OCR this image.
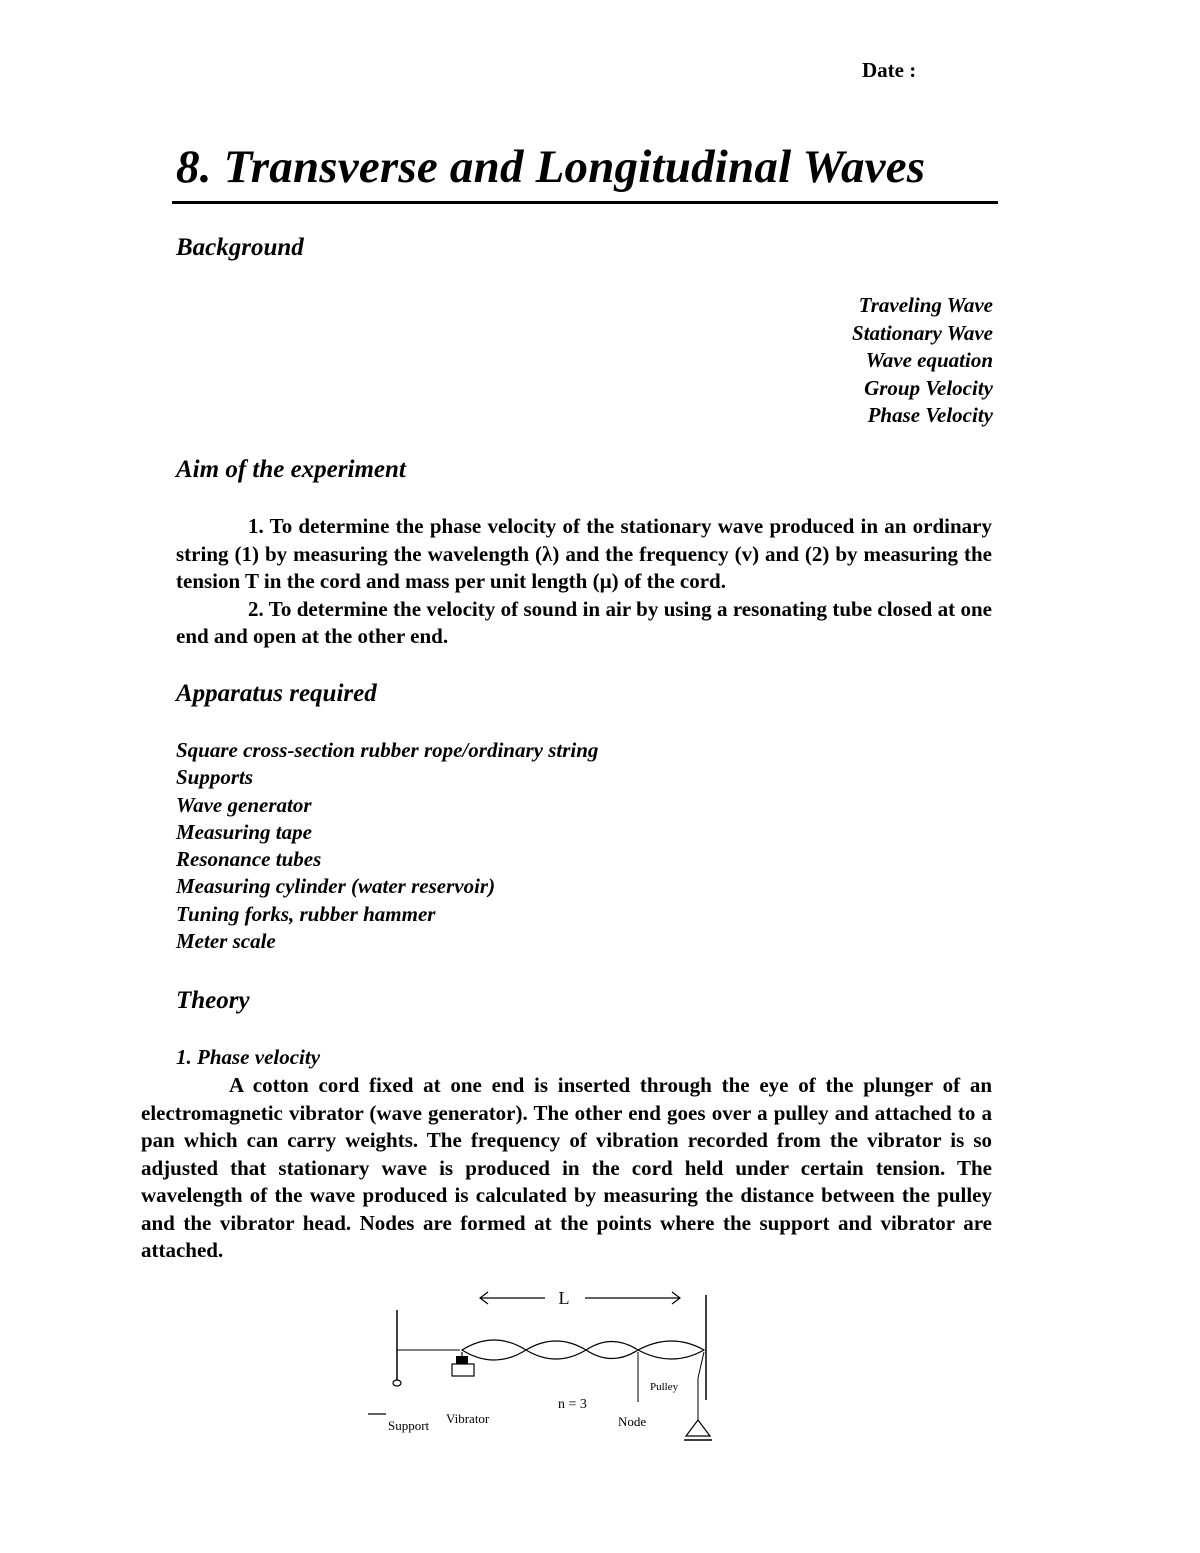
Date :
8. Transverse and Longitudinal Waves
Background
Traveling Wave
Stationary Wave
Wave equation
Group Velocity
Phase Velocity
Aim of the experiment

1. To determine the phase velocity of the stationary wave produced in an ordinary string (1) by measuring the wavelength (λ) and the frequency (v) and (2) by measuring the tension T in the cord and mass per unit length (µ) of the cord.

2. To determine the velocity of sound in air by using a resonating tube closed at one end and open at the other end.

Apparatus required
Square cross-section rubber rope/ordinary string
Supports
Wave generator
Measuring tape
Resonance tubes
Measuring cylinder (water reservoir)
Tuning forks, rubber hammer
Meter scale
Theory
1. Phase velocity

A cotton cord fixed at one end is inserted through the eye of the plunger of an electromagnetic vibrator (wave generator). The other end goes over a pulley and attached to a pan which can carry weights. The frequency of vibration recorded from the vibrator is so adjusted that stationary wave is produced in the cord held under certain tension. The wavelength of the wave produced is calculated by measuring the distance between the pulley and the vibrator head. Nodes are formed at the points where the support and vibrator are attached.

L
Support Vibrator
n = 3
Node
Pulley
